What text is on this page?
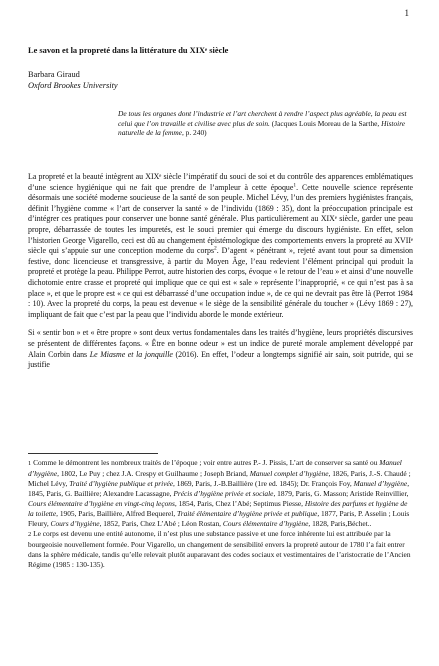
1
Le savon et la propreté dans la littérature du XIXᵉ siècle
Barbara Giraud
Oxford Brookes University
De tous les organes dont l’industrie et l’art cherchent à rendre l’aspect plus agréable, la peau est celui que l’on travaille et civilise avec plus de soin. (Jacques Louis Moreau de la Sarthe, Histoire naturelle de la femme, p. 240)

La propreté et la beauté intègrent au XIXᵉ siècle l’impératif du souci de soi et du contrôle des apparences emblématiques d’une science hygiénique qui ne fait que prendre de l’ampleur à cette époque$^1$. Cette nouvelle science représente désormais une société moderne soucieuse de la santé de son peuple. Michel Lévy, l’un des premiers hygiénistes français, définit l’hygiène comme « l’art de conserver la santé » de l’individu (1869 : 35), dont la préoccupation principale est d’intégrer ces pratiques pour conserver une bonne santé générale. Plus particulièrement au XIXᵉ siècle, garder une peau propre, débarrassée de toutes les impuretés, est le souci premier qui émerge du discours hygiéniste. En effet, selon l’historien George Vigarello, ceci est dû au changement épistémologique des comportements envers la propreté au XVIIᵉ siècle qui s’appuie sur une conception moderne du corps$^2$. D’agent « pénétrant », rejeté avant tout pour sa dimension festive, donc licencieuse et transgressive, à partir du Moyen Âge, l’eau redevient l’élément principal qui produit la propreté et protège la peau. Philippe Perrot, autre historien des corps, évoque « le retour de l’eau » et ainsi d’une nouvelle dichotomie entre crasse et propreté qui implique que ce qui est « sale » représente l’inapproprié, « ce qui n’est pas à sa place », et que le propre est « ce qui est débarrassé d’une occupation indue », de ce qui ne devrait pas être là (Perrot 1984 : 10). Avec la propreté du corps, la peau est devenue « le siège de la sensibilité générale du toucher » (Lévy 1869 : 27), impliquant de fait que c’est par la peau que l’individu aborde le monde extérieur.

Si « sentir bon » et « être propre » sont deux vertus fondamentales dans les traités d’hygiène, leurs propriétés discursives se présentent de différentes façons. « Être en bonne odeur » est un indice de pureté morale amplement développé par Alain Corbin dans Le Miasme et la jonquille (2016). En effet, l’odeur a longtemps signifié air sain, soit putride, qui se justifie

1 Comme le démontrent les nombreux traités de l’époque ; voir entre autres P.- J. Pissis, L’art de conserver sa santé ou Manuel d’hygiène, 1802, Le Puy ; chez J.A. Crespy et Guilhaume ; Joseph Briand, Manuel complet d’hygiène, 1826, Paris, J.-S. Chaudé ; Michel Lévy, Traité d’hygiène publique et privée, 1869, Paris, J.-B.Baillière (1re ed. 1845); Dr. François Foy, Manuel d’hygiène, 1845, Paris, G. Baillière; Alexandre Lacassagne, Précis d’hygiène privée et sociale, 1879, Paris, G. Masson; Aristide Reinvillier, Cours élémentaire d’hygiène en vingt-cinq leçons, 1854, Paris, Chez l’Abé; Septimus Piesse, Histoire des parfums et hygiène de la toilette, 1905, Paris, Baillière, Alfred Bequerel, Traité élémentaire d’hygiène privée et publique, 1877, Paris, P. Asselin ; Louis Fleury, Cours d’hygiène, 1852, Paris, Chez L’Abé ; Léon Rostan, Cours élémentaire d’hygiène, 1828, Paris,Béchet..

2 Le corps est devenu une entité autonome, il n’est plus une substance passive et une force inhérente lui est attribuée par la bourgeoisie nouvellement formée. Pour Vigarello, un changement de sensibilité envers la propreté autour de 1780 l’a fait entrer dans la sphère médicale, tandis qu’elle relevait plutôt auparavant des codes sociaux et vestimentaires de l’aristocratie de l’Ancien Régime (1985 : 130-135).
